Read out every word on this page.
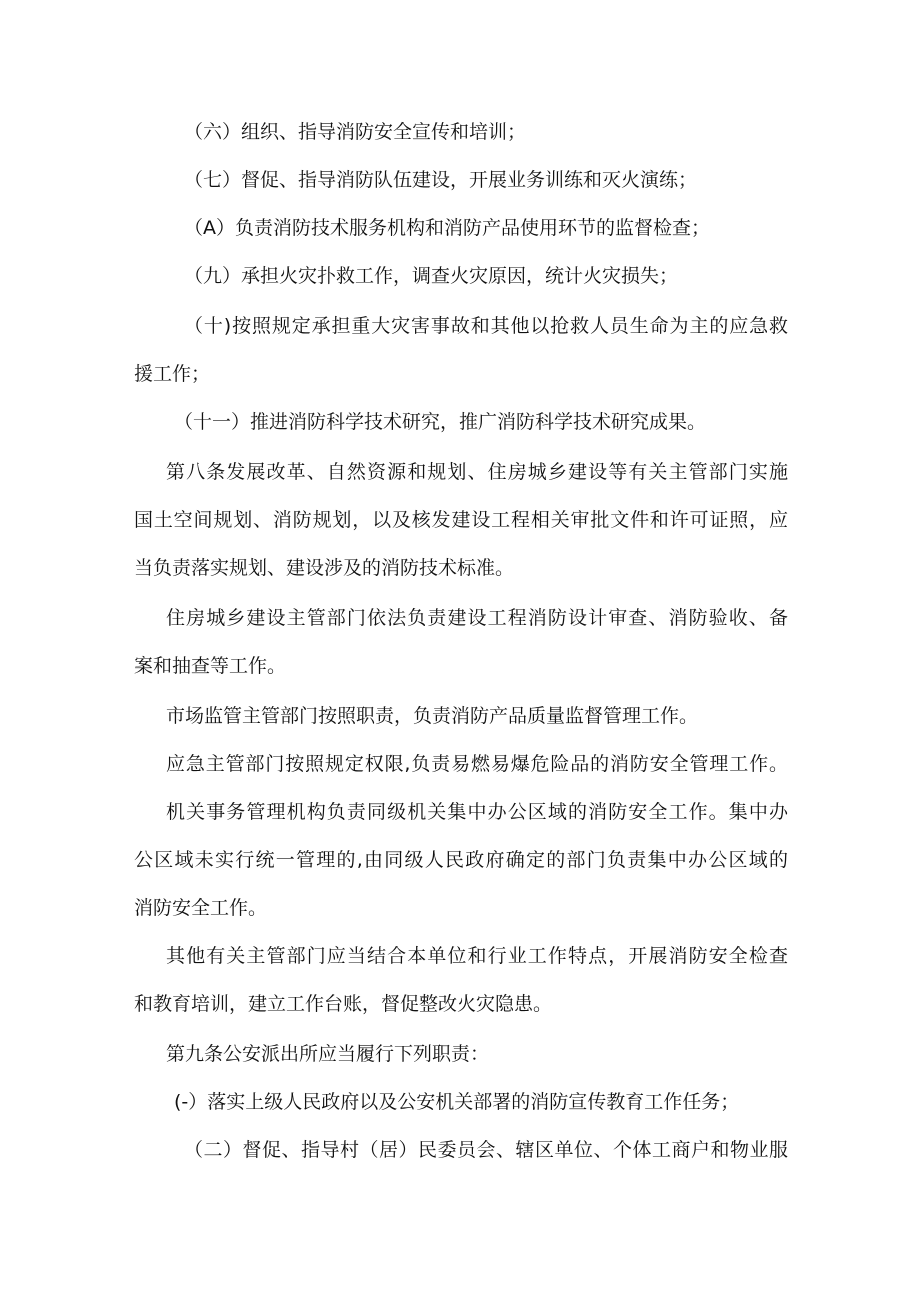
（六）组织、指导消防安全宣传和培训；

（七）督促、指导消防队伍建设，开展业务训练和灭火演练；

（A）负责消防技术服务机构和消防产品使用环节的监督检查；

（九）承担火灾扑救工作，调查火灾原因，统计火灾损失；

（十)按照规定承担重大灾害事故和其他以抢救人员生命为主的应急救

援工作；

（十一）推进消防科学技术研究，推广消防科学技术研究成果。

第八条发展改革、自然资源和规划、住房城乡建设等有关主管部门实施

国土空间规划、消防规划，以及核发建设工程相关审批文件和许可证照，应

当负责落实规划、建设涉及的消防技术标准。

住房城乡建设主管部门依法负责建设工程消防设计审查、消防验收、备

案和抽查等工作。

市场监管主管部门按照职责，负责消防产品质量监督管理工作。

应急主管部门按照规定权限,负责易燃易爆危险品的消防安全管理工作。

机关事务管理机构负责同级机关集中办公区域的消防安全工作。集中办

公区域未实行统一管理的,由同级人民政府确定的部门负责集中办公区域的

消防安全工作。

其他有关主管部门应当结合本单位和行业工作特点，开展消防安全检查

和教育培训，建立工作台账，督促整改火灾隐患。

第九条公安派出所应当履行下列职责：

(-）落实上级人民政府以及公安机关部署的消防宣传教育工作任务；

（二）督促、指导村（居）民委员会、辖区单位、个体工商户和物业服
